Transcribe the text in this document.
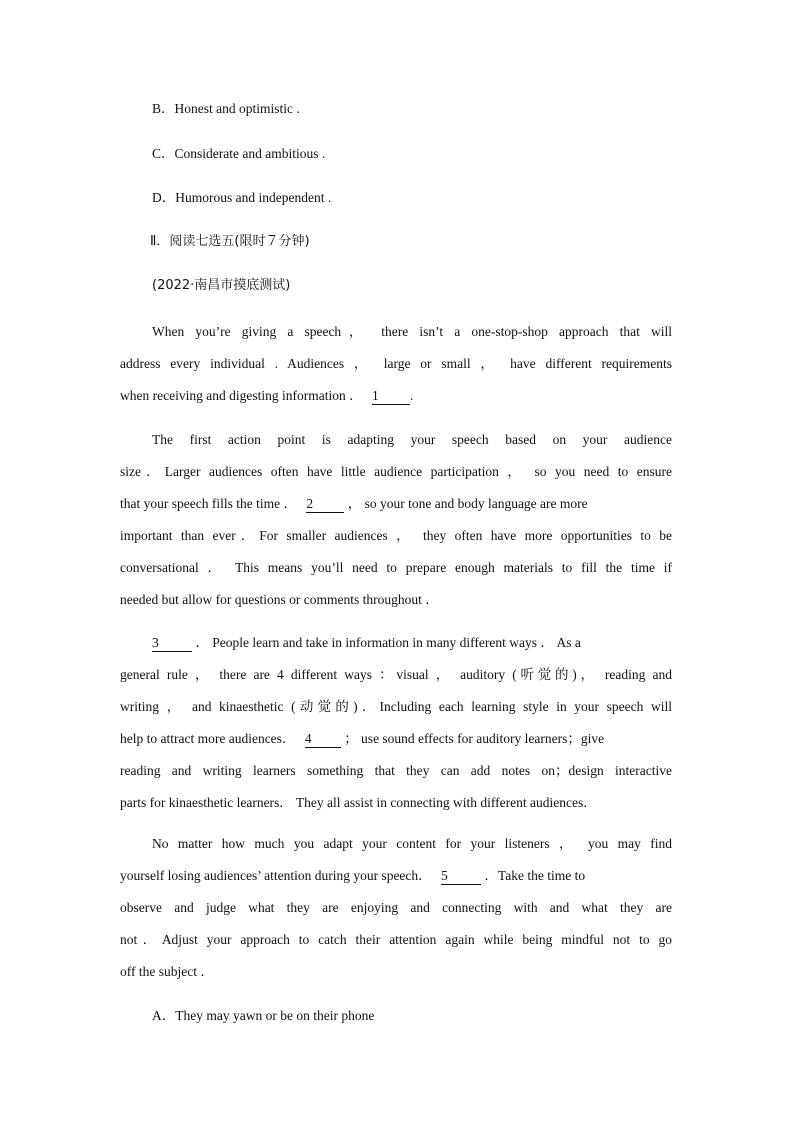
B．Honest and optimistic .
C．Considerate and ambitious .
D．Humorous and independent .
Ⅱ．阅读七选五(限时７分钟)
(2022·南昌市摸底测试)
When you’re giving a speech， there isn’t a one-stop-shop approach that will
address every individual . Audiences ， large or small ， have different requirements
when receiving and digesting information ． 1 .
The first action point is adapting your speech based on your audience
size．Larger audiences often have little audience participation ， so you need to ensure
that your speech fills the time ． 2	， so your tone and body language are more
important than ever．For smaller audiences ， they often have more opportunities to be
conversational ． This means you’ll need to prepare enough materials to fill the time if
needed but allow for questions or comments throughout ．
3	． People learn and take in information in many different ways ． As a
general rule ， there are 4 different ways ：visual ， auditory (听觉的)， reading and
writing ， and kinaesthetic (动觉的)．Including each learning style in your speech will
help to attract more audiences． 4 ； use sound effects for auditory learners；give
reading and writing learners something that they can add notes on；design interactive
parts for kinaesthetic learners． They all assist in connecting with different audiences．
No matter how much you adapt your content for your listeners ， you may find
yourself losing audiences’ attention during your speech． 5	．Take the time to
observe and judge what they are enjoying and connecting with and what they are
not．Adjust your approach to catch their attention again while being mindful not to go
off the subject ．
A．They may yawn or be on their phone
